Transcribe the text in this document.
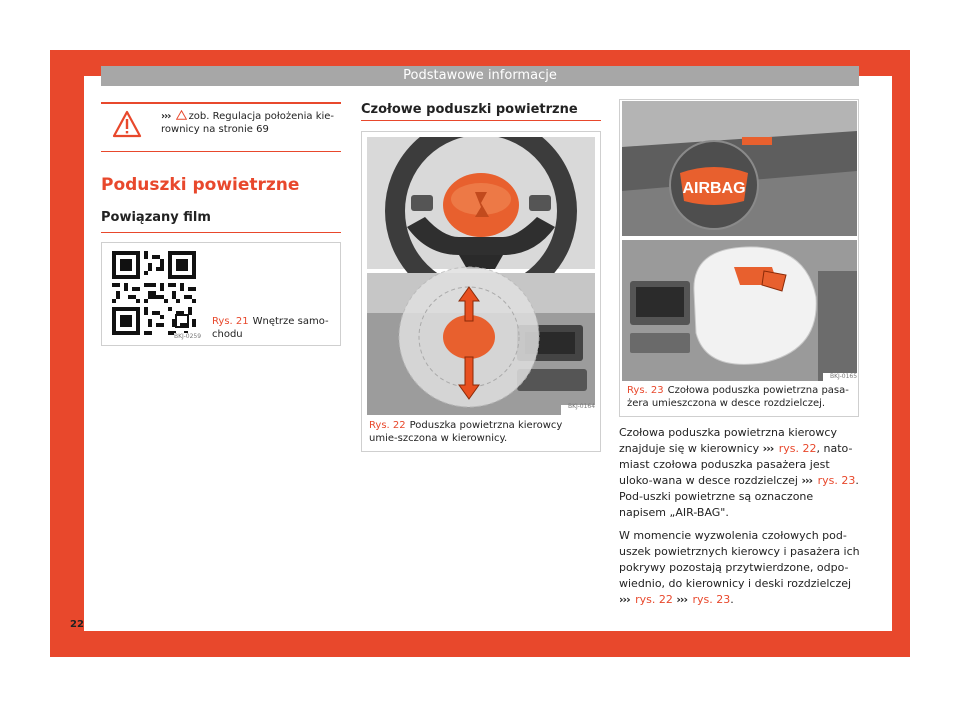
Podstawowe informacje
››› zob. Regulacja położenia kie-rownicy na stronie 69
Poduszki powietrzne
Powiązany film
BKJ-0259
Rys. 21 Wnętrze samo-chodu
Czołowe poduszki powietrzne
BKJ-0164
Rys. 22 Poduszka powietrzna kierowcy umie-szczona w kierownicy.
AIRBAG
BKJ-0165
Rys. 23 Czołowa poduszka powietrzna pasa-żera umieszczona w desce rozdzielczej.

Czołowa poduszka powietrzna kierowcy znajduje się w kierownicy ››› rys. 22, nato-miast czołowa poduszka pasażera jest uloko-wana w desce rozdzielczej ››› rys. 23. Pod-uszki powietrzne są oznaczone napisem „AIR-BAG".

W momencie wyzwolenia czołowych pod-uszek powietrznych kierowcy i pasażera ich pokrywy pozostają przytwierdzone, odpo-wiednio, do kierownicy i deski rozdzielczej ››› rys. 22 ››› rys. 23.

22
